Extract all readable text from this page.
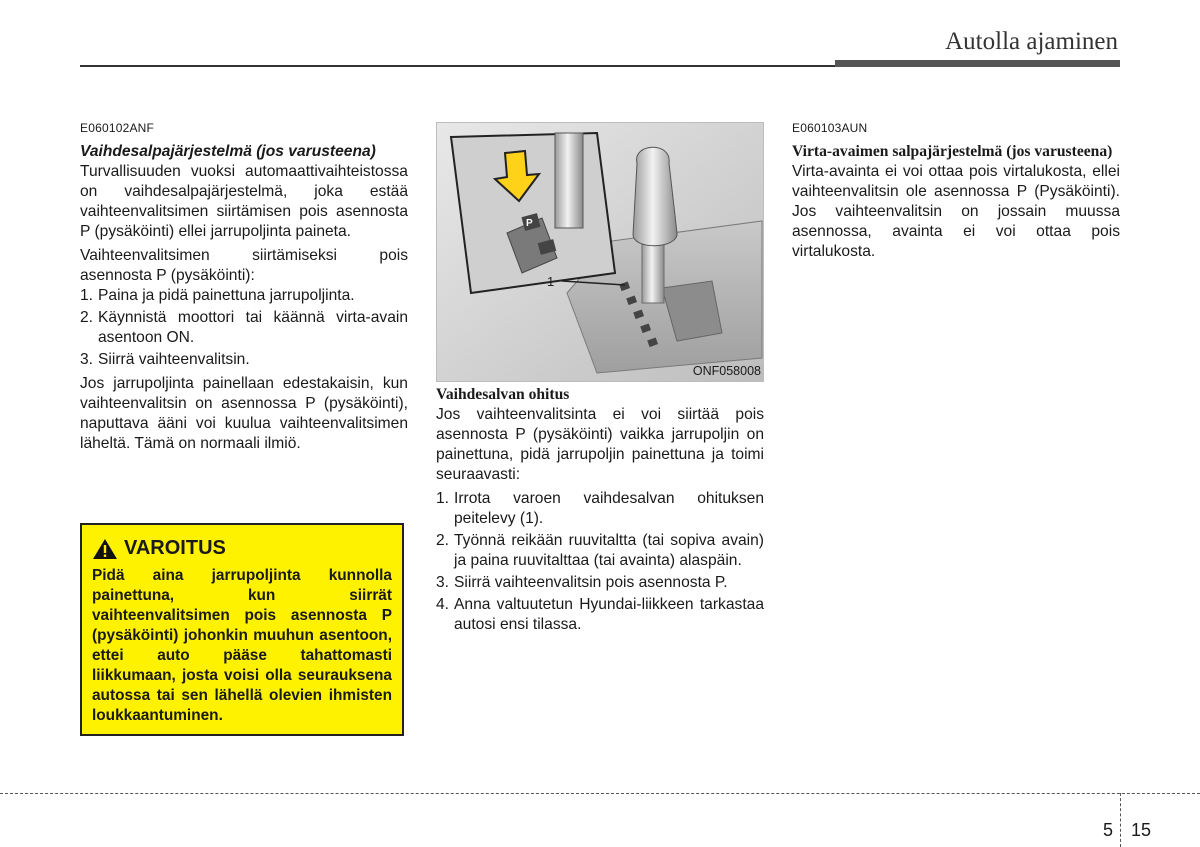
Autolla ajaminen
E060102ANF
Vaihdesalpajärjestelmä (jos varusteena)

Turvallisuuden vuoksi automaattivaihteistossa on vaihdesalpajärjestelmä, joka estää vaihteenvalitsimen siirtämisen pois asennosta P (pysäköinti) ellei jarrupoljinta paineta.

Vaihteenvalitsimen siirtämiseksi pois asennosta P (pysäköinti):

1. Paina ja pidä painettuna jarrupoljinta.
2. Käynnistä moottori tai käännä virta-avain asentoon ON.
3. Siirrä vaihteenvalitsin.

Jos jarrupoljinta painellaan edestakaisin, kun vaihteenvalitsin on asennossa P (pysäköinti), naputtava ääni voi kuulua vaihteenvalitsimen läheltä. Tämä on normaali ilmiö.

VAROITUS
Pidä aina jarrupoljinta kunnolla painettuna, kun siirrät vaihteenvalitsimen pois asennosta P (pysäköinti) johonkin muuhun asentoon, ettei auto pääse tahattomasti liikkumaan, josta voisi olla seurauksena autossa tai sen lähellä olevien ihmisten loukkaantuminen.
P
1
ONF058008
Vaihdesalvan ohitus

Jos vaihteenvalitsinta ei voi siirtää pois asennosta P (pysäköinti) vaikka jarrupoljin on painettuna, pidä jarrupoljin painettuna ja toimi seuraavasti:

1. Irrota varoen vaihdesalvan ohituksen peitelevy (1).
2. Työnnä reikään ruuvitaltta (tai sopiva avain) ja paina ruuvitalttaa (tai avainta) alaspäin.
3. Siirrä vaihteenvalitsin pois asennosta P.
4. Anna valtuutetun Hyundai-liikkeen tarkastaa autosi ensi tilassa.
E060103AUN
Virta-avaimen salpajärjestelmä (jos varusteena)

Virta-avainta ei voi ottaa pois virtalukosta, ellei vaihteenvalitsin ole asennossa P (Pysäköinti). Jos vaihteenvalitsin on jossain muussa asennossa, avainta ei voi ottaa pois virtalukosta.

5 15
